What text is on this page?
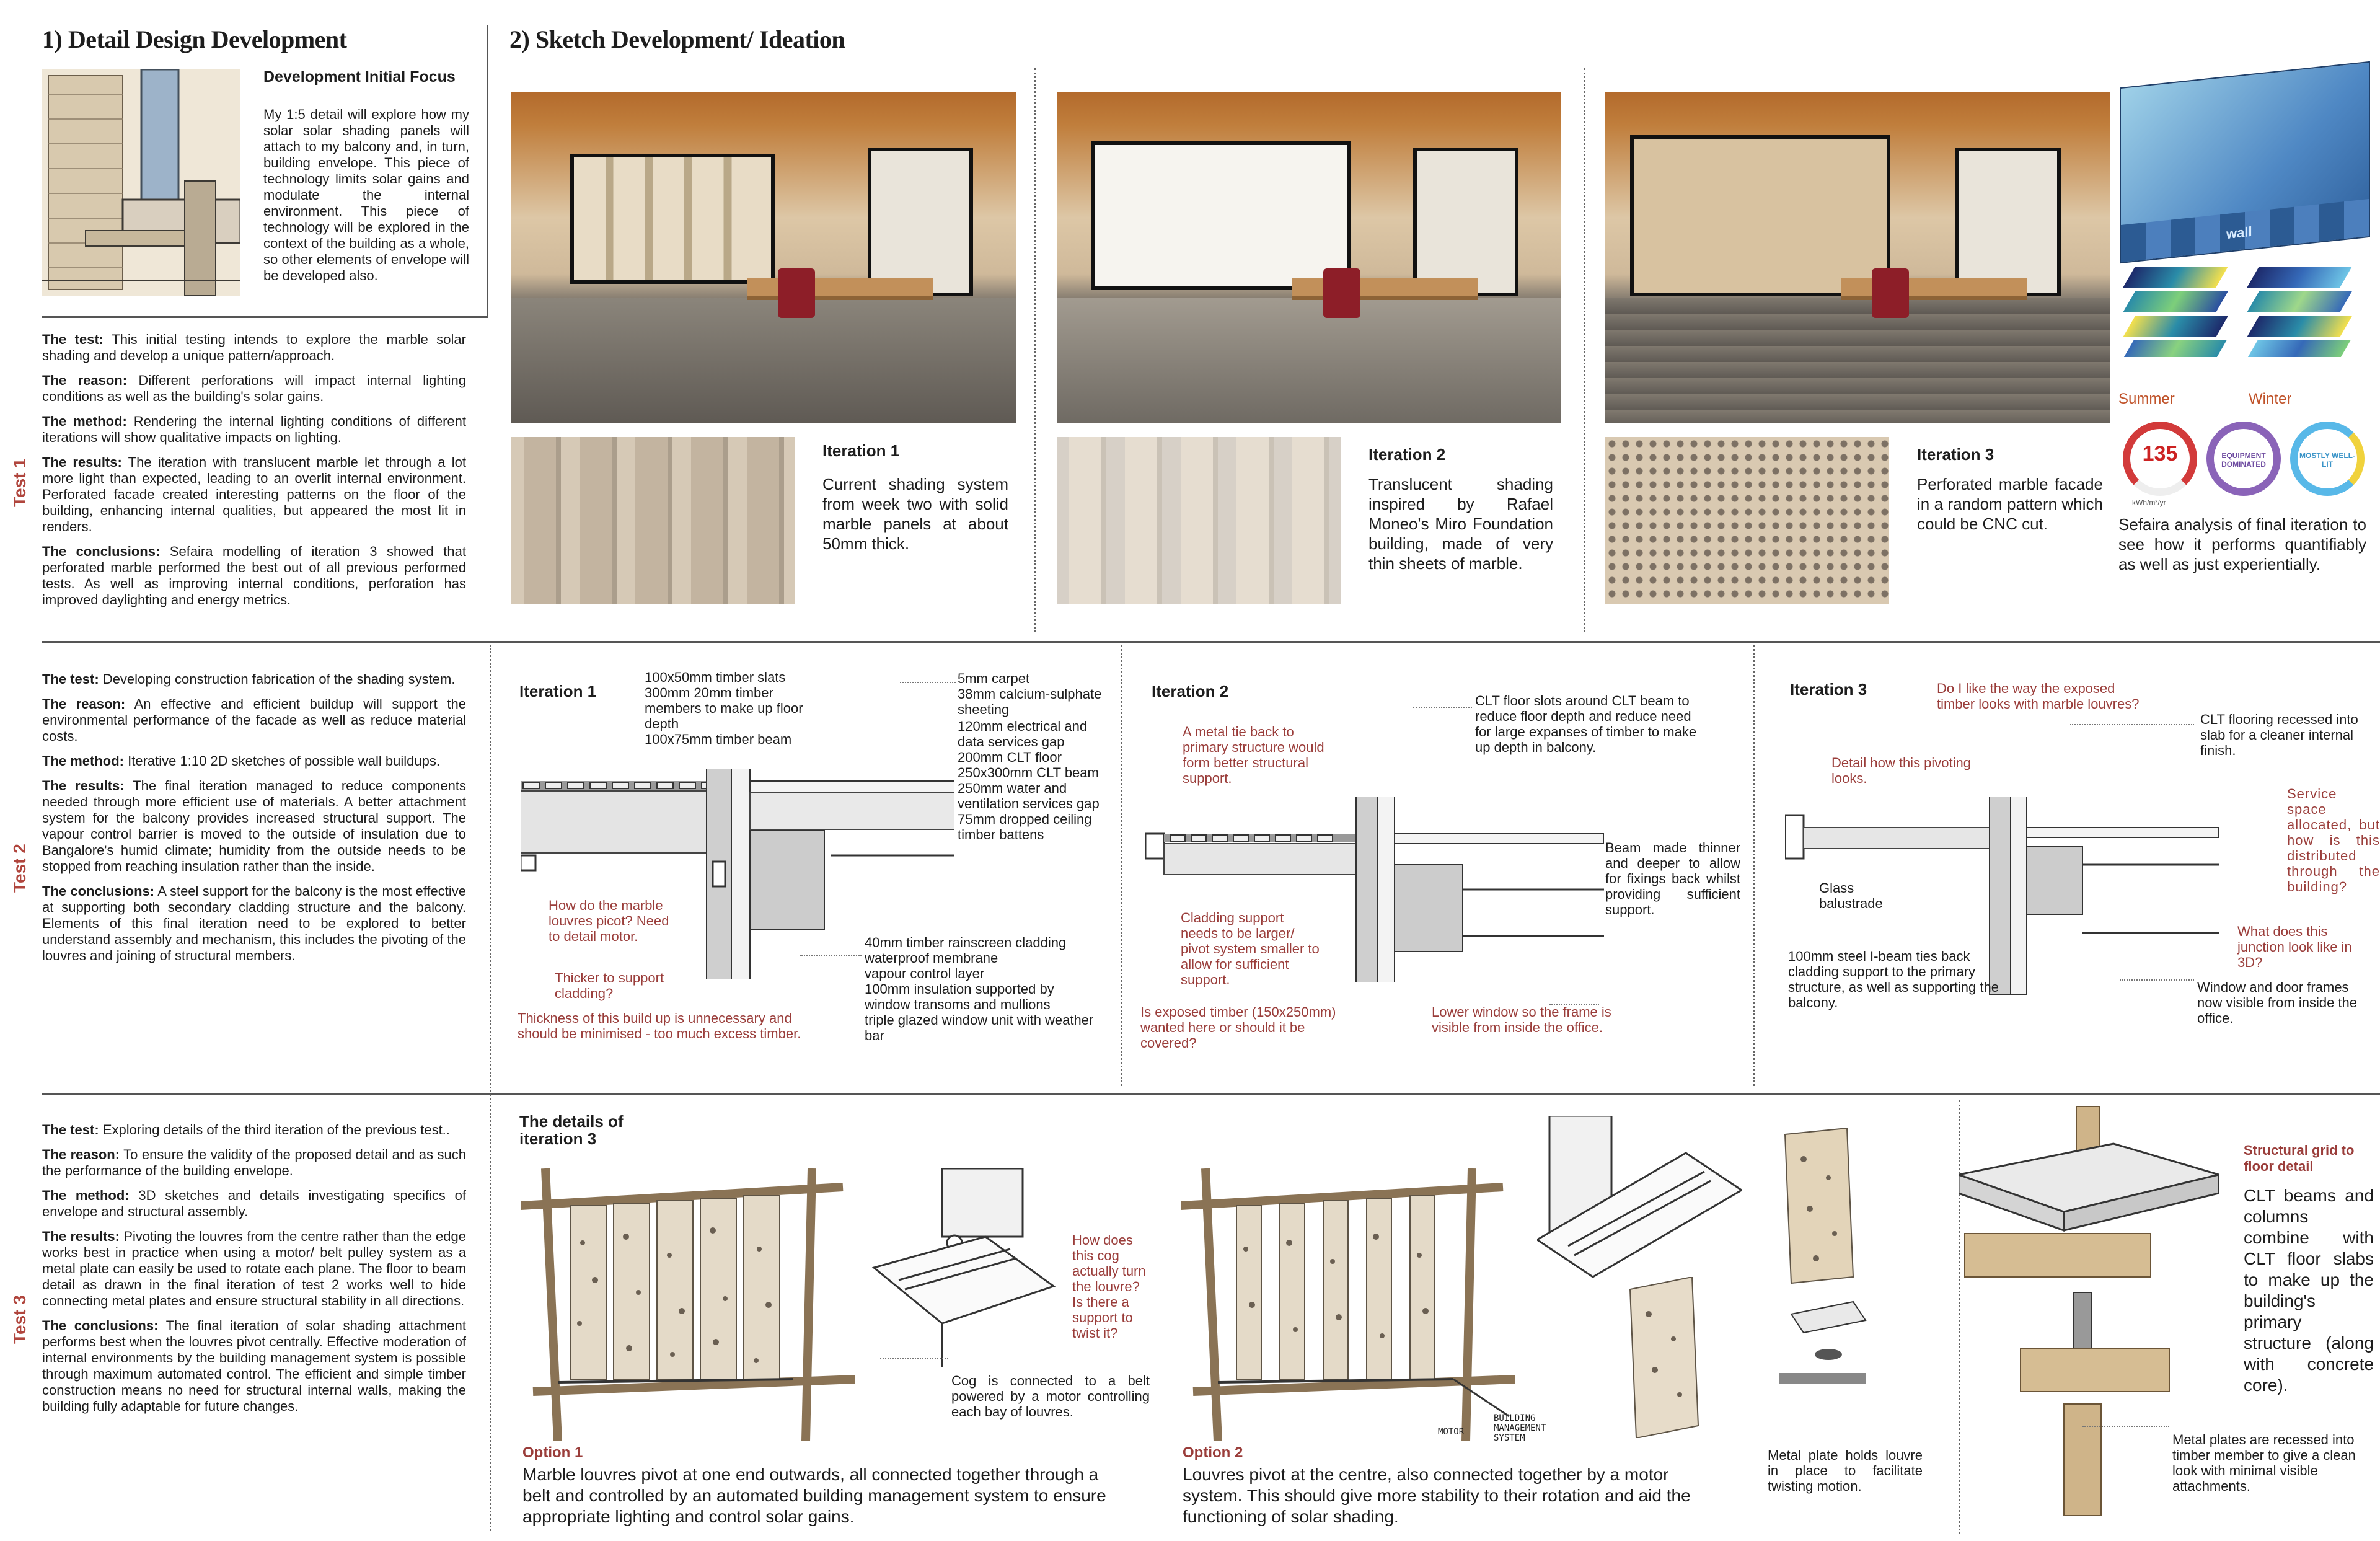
1) Detail Design Development	2) Sketch Development/ Ideation
Development Initial Focus
My 1:5 detail will explore how my solar solar shading panels will attach to my balcony and, in turn, building envelope. This piece of technology limits solar gains and modulate the internal environment. This piece of technology will be explored in the context of the building as a whole, so other elements of envelope will be developed also.
Test 1
Test 2
Test 3

The test: This initial testing intends to explore the marble solar shading and develop a unique pattern/approach.

The reason: Different perforations will impact internal lighting conditions as well as the building's solar gains.

The method: Rendering the internal lighting conditions of different iterations will show qualitative impacts on lighting.

The results: The iteration with translucent marble let through a lot more light than expected, leading to an overlit internal environment. Perforated facade created interesting patterns on the floor of the building, enhancing internal qualities, but appeared the most lit in renders.

The conclusions: Sefaira modelling of iteration 3 showed that perforated marble performed the best out of all previous performed tests. As well as improving internal conditions, perforation has improved daylighting and energy metrics.

Iteration 1
Current shading system from week two with solid marble panels at about 50mm thick.
Iteration 2
Translucent shading inspired by Rafael Moneo's Miro Foundation building, made of very thin sheets of marble.
Iteration 3
Perforated marble facade in a random pattern which could be CNC cut.
wall
Summer	Winter
135
kWh/m²/yr
EQUIPMENT DOMINATED
MOSTLY WELL-LIT
Sefaira analysis of final iteration to see how it performs quantifiably as well as just experientially.

The test: Developing construction fabrication of the shading system.

The reason: An effective and efficient buildup will support the environmental performance of the facade as well as reduce material costs.

The method: Iterative 1:10 2D sketches of possible wall buildups.

The results: The final iteration managed to reduce components needed through more efficient use of materials. A better attachment system for the balcony provides increased structural support. The vapour control barrier is moved to the outside of insulation due to Bangalore's humid climate; humidity from the outside needs to be stopped from reaching insulation rather than the inside.

The conclusions: A steel support for the balcony is the most effective at supporting both secondary cladding structure and the balcony. Elements of this final iteration need to be explored to better understand assembly and mechanism, this includes the pivoting of the louvres and joining of structural members.

Iteration 1
100x50mm timber slats
300mm 20mm timber members to make up floor depth
100x75mm timber beam
5mm carpet
38mm calcium-sulphate sheeting
120mm electrical and data services gap
200mm CLT floor
250x300mm CLT beam
250mm water and ventilation services gap
75mm dropped ceiling timber battens
40mm timber rainscreen cladding
waterproof membrane
vapour control layer
100mm insulation supported by window transoms and mullions
triple glazed window unit with weather bar
How do the marble louvres picot? Need to detail motor.
Thicker to support cladding?
Thickness of this build up is unnecessary and should be minimised - too much excess timber.
Iteration 2
A metal tie back to primary structure would form better structural support.
CLT floor slots around CLT beam to reduce floor depth and reduce need for large expanses of timber to make up depth in balcony.
Beam made thinner and deeper to allow for fixings back whilst providing sufficient support.
Cladding support needs to be larger/ pivot system smaller to allow for sufficient support.
Is exposed timber (150x250mm) wanted here or should it be covered?
Lower window so the frame is visible from inside the office.
Iteration 3	Do I like the way the exposed timber looks with marble louvres?
Detail how this pivoting looks.
CLT flooring recessed into slab for a cleaner internal finish.
Service space allocated, but how is this distributed through the building?
Glass balustrade
What does this junction look like in 3D?
100mm steel I-beam ties back cladding support to the primary structure, as well as supporting the balcony.
Window and door frames now visible from inside the office.

The test: Exploring details of the third iteration of the previous test..

The reason: To ensure the validity of the proposed detail and as such the performance of the building envelope.

The method: 3D sketches and details investigating specifics of envelope and structural assembly.

The results: Pivoting the louvres from the centre rather than the edge works best in practice when using a motor/ belt pulley system as a metal plate can easily be used to rotate each plane. The floor to beam detail as drawn in the final iteration of test 2 works well to hide connecting metal plates and ensure structural stability in all directions.

The conclusions: The final iteration of solar shading attachment performs best when the louvres pivot centrally. Effective moderation of internal environments by the building management system is possible through maximum automated control. The efficient and simple timber construction means no need for structural internal walls, making the building fully adaptable for future changes.

The details of iteration 3
How does this cog actually turn the louvre? Is there a support to twist it?
Cog is connected to a belt powered by a motor controlling each bay of louvres.
Option 1
Marble louvres pivot at one end outwards, all connected together through a belt and controlled by an automated building management system to ensure appropriate lighting and control solar gains.
MOTOR
BUILDING MANAGEMENT SYSTEM
Option 2
Louvres pivot at the centre, also connected together by a motor system. This should give more stability to their rotation and aid the functioning of solar shading.
Metal plate holds louvre in place to facilitate twisting motion.
Structural grid to floor detail
CLT beams and columns combine with CLT floor slabs to make up the building's primary structure (along with concrete core).
Metal plates are recessed into timber member to give a clean look with minimal visible attachments.
